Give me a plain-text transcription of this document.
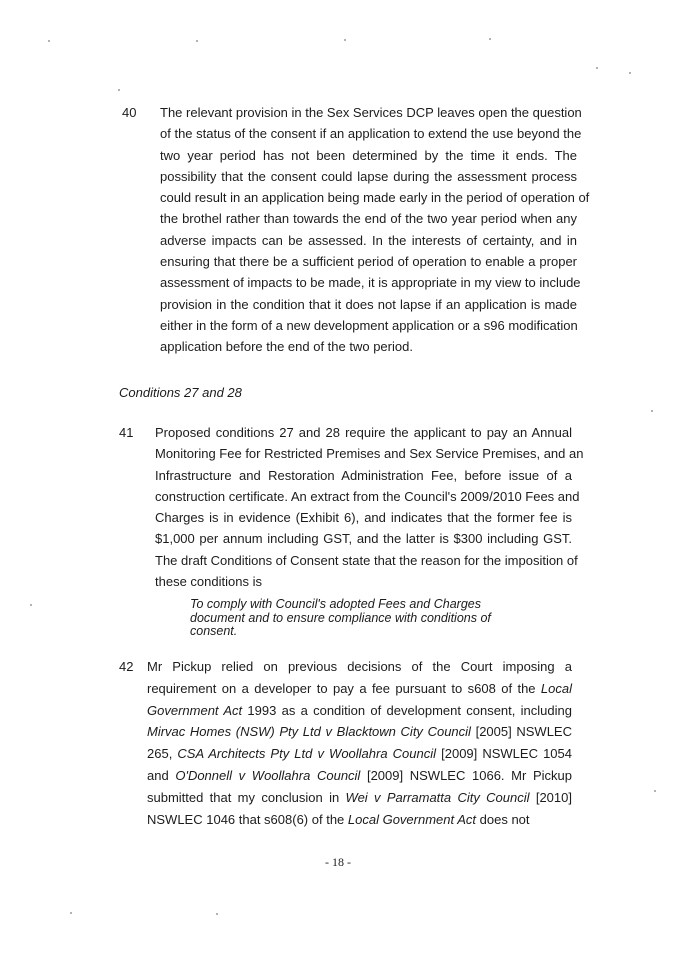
40 The relevant provision in the Sex Services DCP leaves open the question
of the status of the consent if an application to extend the use beyond the
two year period has not been determined by the time it ends. The
possibility that the consent could lapse during the assessment process
could result in an application being made early in the period of operation of
the brothel rather than towards the end of the two year period when any
adverse impacts can be assessed. In the interests of certainty, and in
ensuring that there be a sufficient period of operation to enable a proper
assessment of impacts to be made, it is appropriate in my view to include
provision in the condition that it does not lapse if an application is made
either in the form of a new development application or a s96 modification
application before the end of the two period.
Conditions 27 and 28
41 Proposed conditions 27 and 28 require the applicant to pay an Annual
Monitoring Fee for Restricted Premises and Sex Service Premises, and an
Infrastructure and Restoration Administration Fee, before issue of a
construction certificate. An extract from the Council's 2009/2010 Fees and
Charges is in evidence (Exhibit 6), and indicates that the former fee is
$1,000 per annum including GST, and the latter is $300 including GST.
The draft Conditions of Consent state that the reason for the imposition of
these conditions is
To comply with Council's adopted Fees and Charges document and to ensure compliance with conditions of consent.
42 Mr Pickup relied on previous decisions of the Court imposing a requirement on a developer to pay a fee pursuant to s608 of the Local Government Act 1993 as a condition of development consent, including Mirvac Homes (NSW) Pty Ltd v Blacktown City Council [2005] NSWLEC 265, CSA Architects Pty Ltd v Woollahra Council [2009] NSWLEC 1054 and O'Donnell v Woollahra Council [2009] NSWLEC 1066. Mr Pickup submitted that my conclusion in Wei v Parramatta City Council [2010] NSWLEC 1046 that s608(6) of the Local Government Act does not
- 18 -
